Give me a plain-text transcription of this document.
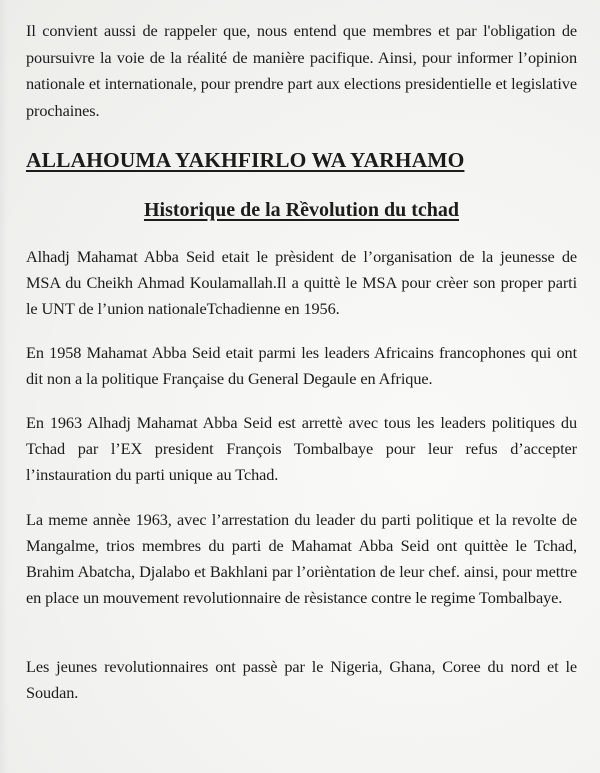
Il convient aussi de rappeler que, nous entend que membres et par l'obligation de poursuivre la voie de la réalité de manière pacifique. Ainsi, pour informer l’opinion nationale et internationale, pour prendre part aux elections presidentielle et legislative prochaines.

ALLAHOUMA YAKHFIRLO WA YARHAMO
Historique de la Rềvolution du tchad

Alhadj Mahamat Abba Seid etait le prèsident de l’organisation de la jeunesse de MSA du Cheikh Ahmad Koulamallah.Il a quittè le MSA pour crèer son proper parti le UNT de l’union nationaleTchadienne en 1956.

En 1958 Mahamat Abba Seid etait parmi les leaders Africains francophones qui ont dit non a la politique Française du General Degaule en Afrique.

En 1963 Alhadj Mahamat Abba Seid est arrettè avec tous les leaders politiques du Tchad par l’EX president François Tombalbaye pour leur refus d’accepter l’instauration du parti unique au Tchad.

La meme annèe 1963, avec l’arrestation du leader du parti politique et la revolte de Mangalme, trios membres du parti de Mahamat Abba Seid ont quittèe le Tchad, Brahim Abatcha, Djalabo et Bakhlani par l’orièntation de leur chef. ainsi, pour mettre en place un mouvement revolutionnaire de rèsistance contre le regime Tombalbaye.

Les jeunes revolutionnaires ont passè par le Nigeria, Ghana, Coree du nord et le Soudan.
